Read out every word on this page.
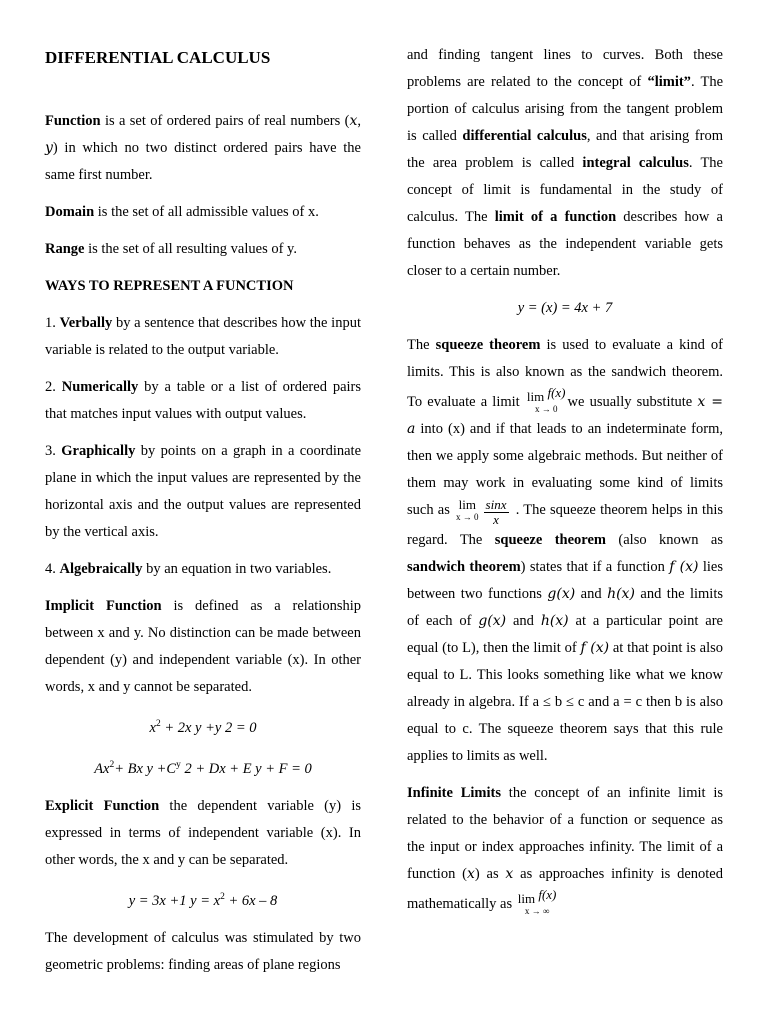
DIFFERENTIAL CALCULUS

Function is a set of ordered pairs of real numbers (x, y) in which no two distinct ordered pairs have the same first number.

Domain is the set of all admissible values of x.

Range is the set of all resulting values of y.

WAYS TO REPRESENT A FUNCTION

1. Verbally by a sentence that describes how the input variable is related to the output variable.

2. Numerically by a table or a list of ordered pairs that matches input values with output values.

3. Graphically by points on a graph in a coordinate plane in which the input values are represented by the horizontal axis and the output values are represented by the vertical axis.

4. Algebraically by an equation in two variables.

Implicit Function is defined as a relationship between x and y. No distinction can be made between dependent (y) and independent variable (x). In other words, x and y cannot be separated.

$x^2 + 2x$ y +y 2 = 0
$Ax^2+ Bx$ $y +C^y$ 2 + Dx + E y + F = 0

Explicit Function the dependent variable (y) is expressed in terms of independent variable (x). In other words, the x and y can be separated.

y = 3x +1 $y = x^2 + 6x - 8$

The development of calculus was stimulated by two geometric problems: finding areas of plane regions

and finding tangent lines to curves. Both these problems are related to the concept of “limit”. The portion of calculus arising from the tangent problem is called differential calculus, and that arising from the area problem is called integral calculus. The concept of limit is fundamental in the study of calculus. The limit of a function describes how a function behaves as the independent variable gets closer to a certain number.

y = (x) = 4x + 7

The squeeze theorem is used to evaluate a kind of limits. This is also known as the sandwich theorem. To evaluate a limit lim f(x)
x → 0 we usually substitute x = a into (x) and if that leads to an indeterminate form, then we apply some algebraic methods. But neither of them may work in evaluating some kind of limits such as lim
$x \to 0 \frac{\sin x}{x}$ . The squeeze theorem helps in this regard. The squeeze theorem (also known as sandwich theorem) states that if a function f (x) lies between two functions g(x) and h(x) and the limits of each of g(x) and h(x) at a particular point are equal (to L), then the limit of f (x) at that point is also equal to L. This looks something like what we know already in algebra. If a ≤ b ≤ c and a = c then b is also equal to c. The squeeze theorem says that this rule applies to limits as well.

Infinite Limits the concept of an infinite limit is related to the behavior of a function or sequence as the input or index approaches infinity. The limit of a function (x) as x as approaches infinity is denoted mathematically as lim f(x)
x → ∞
